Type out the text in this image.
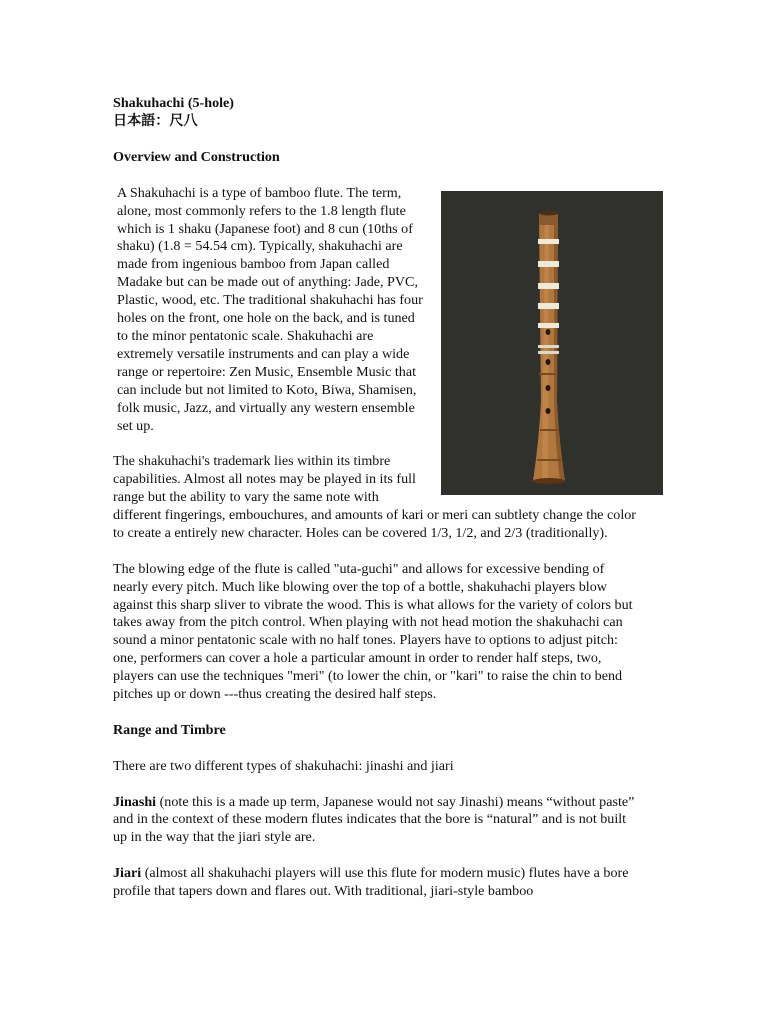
Shakuhachi (5-hole)
日本語：尺八
Overview and Construction

A Shakuhachi is a type of bamboo flute. The term, alone, most commonly refers to the 1.8 length flute which is 1 shaku (Japanese foot) and 8 cun (10ths of shaku) (1.8 = 54.54 cm). Typically, shakuhachi are made from ingenious bamboo from Japan called Madake but can be made out of anything: Jade, PVC, Plastic, wood, etc. The traditional shakuhachi has four holes on the front, one hole on the back, and is tuned to the minor pentatonic scale. Shakuhachi are extremely versatile instruments and can play a wide range or repertoire: Zen Music, Ensemble Music that can include but not limited to Koto, Biwa, Shamisen, folk music, Jazz, and virtually any western ensemble set up.

The shakuhachi's trademark lies within its timbre capabilities. Almost all notes may be played in its full range but the ability to vary the same note with different fingerings, embouchures, and amounts of kari or meri can subtlety change the color to create a entirely new character. Holes can be covered 1/3, 1/2, and 2/3 (traditionally).

The blowing edge of the flute is called "uta-guchi" and allows for excessive bending of nearly every pitch. Much like blowing over the top of a bottle, shakuhachi players blow against this sharp sliver to vibrate the wood. This is what allows for the variety of colors but takes away from the pitch control. When playing with not head motion the shakuhachi can sound a minor pentatonic scale with no half tones. Players have to options to adjust pitch: one, performers can cover a hole a particular amount in order to render half steps, two, players can use the techniques "meri" (to lower the chin, or "kari" to raise the chin to bend pitches up or down ---thus creating the desired half steps.

Range and Timbre

There are two different types of shakuhachi: jinashi and jiari

Jinashi (note this is a made up term, Japanese would not say Jinashi) means “without paste” and in the context of these modern flutes indicates that the bore is “natural” and is not built up in the way that the jiari style are.

Jiari (almost all shakuhachi players will use this flute for modern music) flutes have a bore profile that tapers down and flares out. With traditional, jiari-style bamboo
